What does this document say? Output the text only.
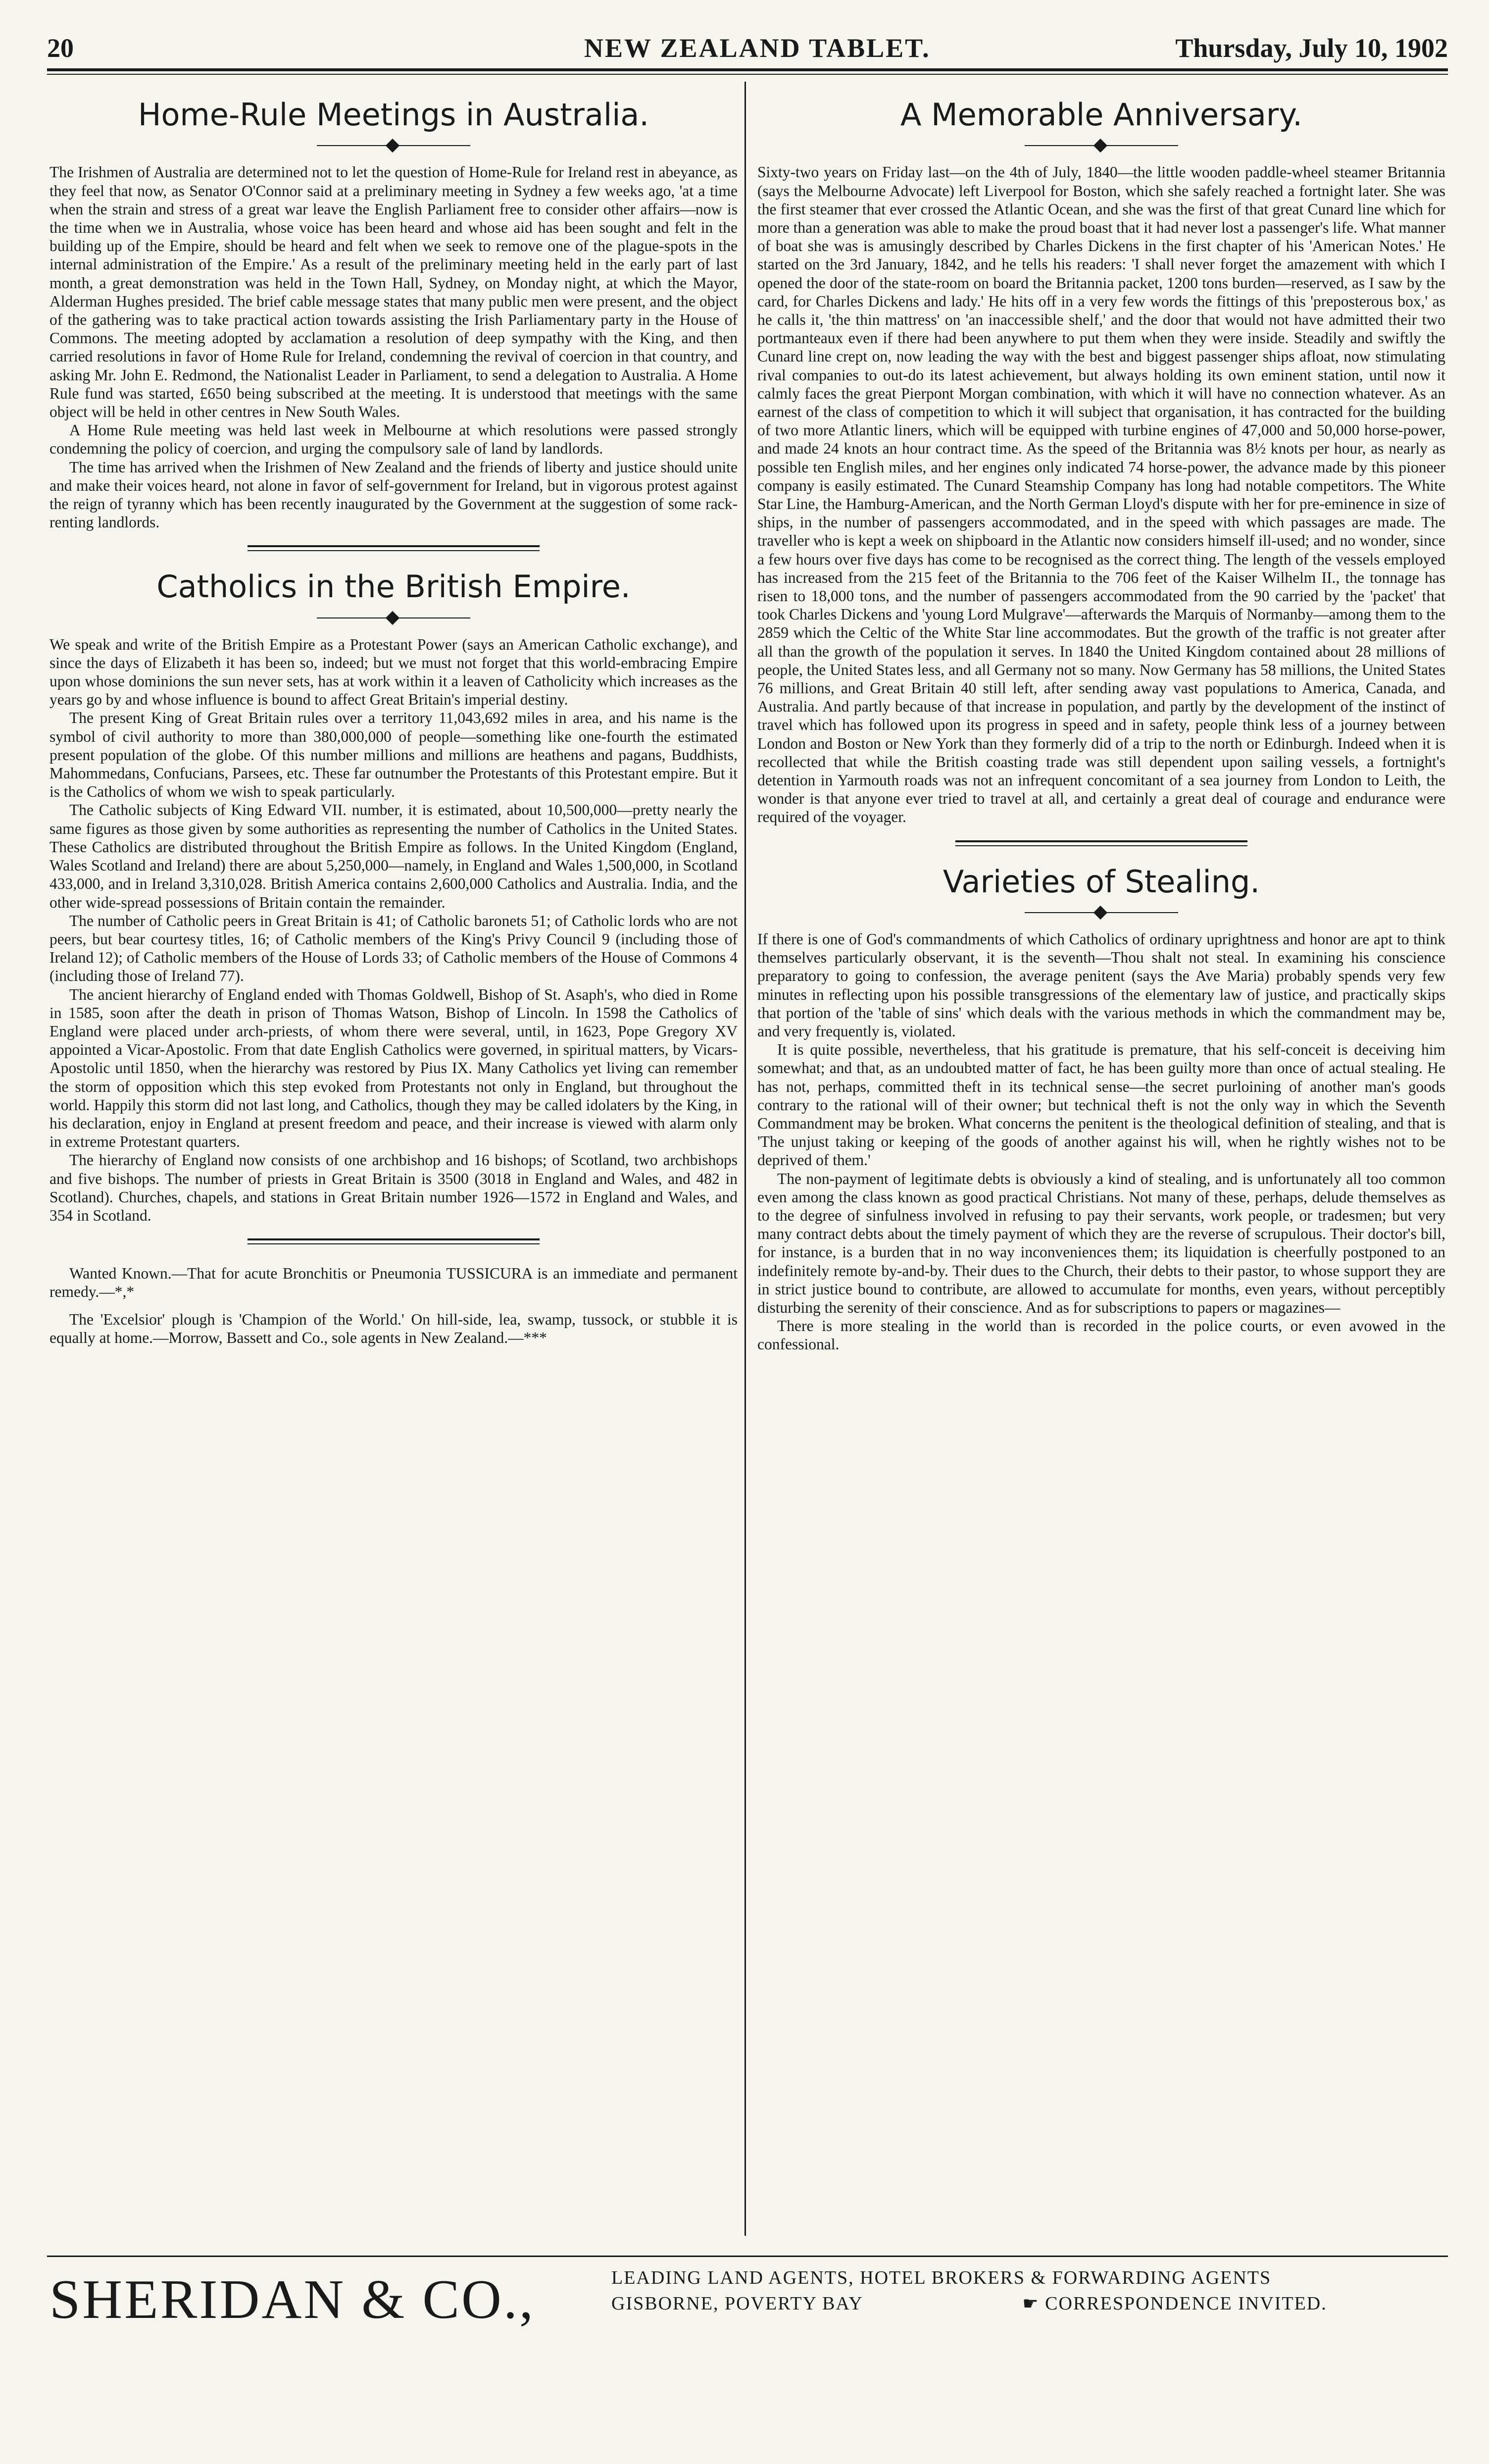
20	NEW ZEALAND TABLET.	Thursday, July 10, 1902
Home-Rule Meetings in Australia.

The Irishmen of Australia are determined not to let the question of Home-Rule for Ireland rest in abeyance, as they feel that now, as Senator O'Connor said at a preliminary meeting in Sydney a few weeks ago, 'at a time when the strain and stress of a great war leave the English Parliament free to consider other affairs—now is the time when we in Australia, whose voice has been heard and whose aid has been sought and felt in the building up of the Empire, should be heard and felt when we seek to remove one of the plague-spots in the internal administration of the Empire.' As a result of the preliminary meeting held in the early part of last month, a great demonstration was held in the Town Hall, Sydney, on Monday night, at which the Mayor, Alderman Hughes presided. The brief cable message states that many public men were present, and the object of the gathering was to take practical action towards assisting the Irish Parliamentary party in the House of Commons. The meeting adopted by acclamation a resolution of deep sympathy with the King, and then carried resolutions in favor of Home Rule for Ireland, condemning the revival of coercion in that country, and asking Mr. John E. Redmond, the Nationalist Leader in Parliament, to send a delegation to Australia. A Home Rule fund was started, £650 being subscribed at the meeting. It is understood that meetings with the same object will be held in other centres in New South Wales.

A Home Rule meeting was held last week in Melbourne at which resolutions were passed strongly condemning the policy of coercion, and urging the compulsory sale of land by landlords.

The time has arrived when the Irishmen of New Zealand and the friends of liberty and justice should unite and make their voices heard, not alone in favor of self-government for Ireland, but in vigorous protest against the reign of tyranny which has been recently inaugurated by the Government at the suggestion of some rack-renting landlords.

Catholics in the British Empire.

We speak and write of the British Empire as a Protestant Power (says an American Catholic exchange), and since the days of Elizabeth it has been so, indeed; but we must not forget that this world-embracing Empire upon whose dominions the sun never sets, has at work within it a leaven of Catholicity which increases as the years go by and whose influence is bound to affect Great Britain's imperial destiny.

The present King of Great Britain rules over a territory 11,043,692 miles in area, and his name is the symbol of civil authority to more than 380,000,000 of people—something like one-fourth the estimated present population of the globe. Of this number millions and millions are heathens and pagans, Buddhists, Mahommedans, Confucians, Parsees, etc. These far outnumber the Protestants of this Protestant empire. But it is the Catholics of whom we wish to speak particularly.

The Catholic subjects of King Edward VII. number, it is estimated, about 10,500,000—pretty nearly the same figures as those given by some authorities as representing the number of Catholics in the United States. These Catholics are distributed throughout the British Empire as follows. In the United Kingdom (England, Wales Scotland and Ireland) there are about 5,250,000—namely, in England and Wales 1,500,000, in Scotland 433,000, and in Ireland 3,310,028. British America contains 2,600,000 Catholics and Australia. India, and the other wide-spread possessions of Britain contain the remainder.

The number of Catholic peers in Great Britain is 41; of Catholic baronets 51; of Catholic lords who are not peers, but bear courtesy titles, 16; of Catholic members of the King's Privy Council 9 (including those of Ireland 12); of Catholic members of the House of Lords 33; of Catholic members of the House of Commons 4 (including those of Ireland 77).

The ancient hierarchy of England ended with Thomas Goldwell, Bishop of St. Asaph's, who died in Rome in 1585, soon after the death in prison of Thomas Watson, Bishop of Lincoln. In 1598 the Catholics of England were placed under arch-priests, of whom there were several, until, in 1623, Pope Gregory XV appointed a Vicar-Apostolic. From that date English Catholics were governed, in spiritual matters, by Vicars-Apostolic until 1850, when the hierarchy was restored by Pius IX. Many Catholics yet living can remember the storm of opposition which this step evoked from Protestants not only in England, but throughout the world. Happily this storm did not last long, and Catholics, though they may be called idolaters by the King, in his declaration, enjoy in England at present freedom and peace, and their increase is viewed with alarm only in extreme Protestant quarters.

The hierarchy of England now consists of one archbishop and 16 bishops; of Scotland, two archbishops and five bishops. The number of priests in Great Britain is 3500 (3018 in England and Wales, and 482 in Scotland). Churches, chapels, and stations in Great Britain number 1926—1572 in England and Wales, and 354 in Scotland.

Wanted Known.—That for acute Bronchitis or Pneumonia TUSSICURA is an immediate and permanent remedy.—*,*

The 'Excelsior' plough is 'Champion of the World.' On hill-side, lea, swamp, tussock, or stubble it is equally at home.—Morrow, Bassett and Co., sole agents in New Zealand.—***

A Memorable Anniversary.

Sixty-two years on Friday last—on the 4th of July, 1840—the little wooden paddle-wheel steamer Britannia (says the Melbourne Advocate) left Liverpool for Boston, which she safely reached a fortnight later. She was the first steamer that ever crossed the Atlantic Ocean, and she was the first of that great Cunard line which for more than a generation was able to make the proud boast that it had never lost a passenger's life. What manner of boat she was is amusingly described by Charles Dickens in the first chapter of his 'American Notes.' He started on the 3rd January, 1842, and he tells his readers: 'I shall never forget the amazement with which I opened the door of the state-room on board the Britannia packet, 1200 tons burden—reserved, as I saw by the card, for Charles Dickens and lady.' He hits off in a very few words the fittings of this 'preposterous box,' as he calls it, 'the thin mattress' on 'an inaccessible shelf,' and the door that would not have admitted their two portmanteaux even if there had been anywhere to put them when they were inside. Steadily and swiftly the Cunard line crept on, now leading the way with the best and biggest passenger ships afloat, now stimulating rival companies to out-do its latest achievement, but always holding its own eminent station, until now it calmly faces the great Pierpont Morgan combination, with which it will have no connection whatever. As an earnest of the class of competition to which it will subject that organisation, it has contracted for the building of two more Atlantic liners, which will be equipped with turbine engines of 47,000 and 50,000 horse-power, and made 24 knots an hour contract time. As the speed of the Britannia was 8½ knots per hour, as nearly as possible ten English miles, and her engines only indicated 74 horse-power, the advance made by this pioneer company is easily estimated. The Cunard Steamship Company has long had notable competitors. The White Star Line, the Hamburg-American, and the North German Lloyd's dispute with her for pre-eminence in size of ships, in the number of passengers accommodated, and in the speed with which passages are made. The traveller who is kept a week on shipboard in the Atlantic now considers himself ill-used; and no wonder, since a few hours over five days has come to be recognised as the correct thing. The length of the vessels employed has increased from the 215 feet of the Britannia to the 706 feet of the Kaiser Wilhelm II., the tonnage has risen to 18,000 tons, and the number of passengers accommodated from the 90 carried by the 'packet' that took Charles Dickens and 'young Lord Mulgrave'—afterwards the Marquis of Normanby—among them to the 2859 which the Celtic of the White Star line accommodates. But the growth of the traffic is not greater after all than the growth of the population it serves. In 1840 the United Kingdom contained about 28 millions of people, the United States less, and all Germany not so many. Now Germany has 58 millions, the United States 76 millions, and Great Britain 40 still left, after sending away vast populations to America, Canada, and Australia. And partly because of that increase in population, and partly by the development of the instinct of travel which has followed upon its progress in speed and in safety, people think less of a journey between London and Boston or New York than they formerly did of a trip to the north or Edinburgh. Indeed when it is recollected that while the British coasting trade was still dependent upon sailing vessels, a fortnight's detention in Yarmouth roads was not an infrequent concomitant of a sea journey from London to Leith, the wonder is that anyone ever tried to travel at all, and certainly a great deal of courage and endurance were required of the voyager.

Varieties of Stealing.

If there is one of God's commandments of which Catholics of ordinary uprightness and honor are apt to think themselves particularly observant, it is the seventh—Thou shalt not steal. In examining his conscience preparatory to going to confession, the average penitent (says the Ave Maria) probably spends very few minutes in reflecting upon his possible transgressions of the elementary law of justice, and practically skips that portion of the 'table of sins' which deals with the various methods in which the commandment may be, and very frequently is, violated.

It is quite possible, nevertheless, that his gratitude is premature, that his self-conceit is deceiving him somewhat; and that, as an undoubted matter of fact, he has been guilty more than once of actual stealing. He has not, perhaps, committed theft in its technical sense—the secret purloining of another man's goods contrary to the rational will of their owner; but technical theft is not the only way in which the Seventh Commandment may be broken. What concerns the penitent is the theological definition of stealing, and that is 'The unjust taking or keeping of the goods of another against his will, when he rightly wishes not to be deprived of them.'

The non-payment of legitimate debts is obviously a kind of stealing, and is unfortunately all too common even among the class known as good practical Christians. Not many of these, perhaps, delude themselves as to the degree of sinfulness involved in refusing to pay their servants, work people, or tradesmen; but very many contract debts about the timely payment of which they are the reverse of scrupulous. Their doctor's bill, for instance, is a burden that in no way inconveniences them; its liquidation is cheerfully postponed to an indefinitely remote by-and-by. Their dues to the Church, their debts to their pastor, to whose support they are in strict justice bound to contribute, are allowed to accumulate for months, even years, without perceptibly disturbing the serenity of their conscience. And as for subscriptions to papers or magazines—

There is more stealing in the world than is recorded in the police courts, or even avowed in the confessional.

SHERIDAN & CO.,	LEADING LAND AGENTS, HOTEL BROKERS & FORWARDING AGENTS
GISBORNE, POVERTY BAY	☛ CORRESPONDENCE INVITED.
